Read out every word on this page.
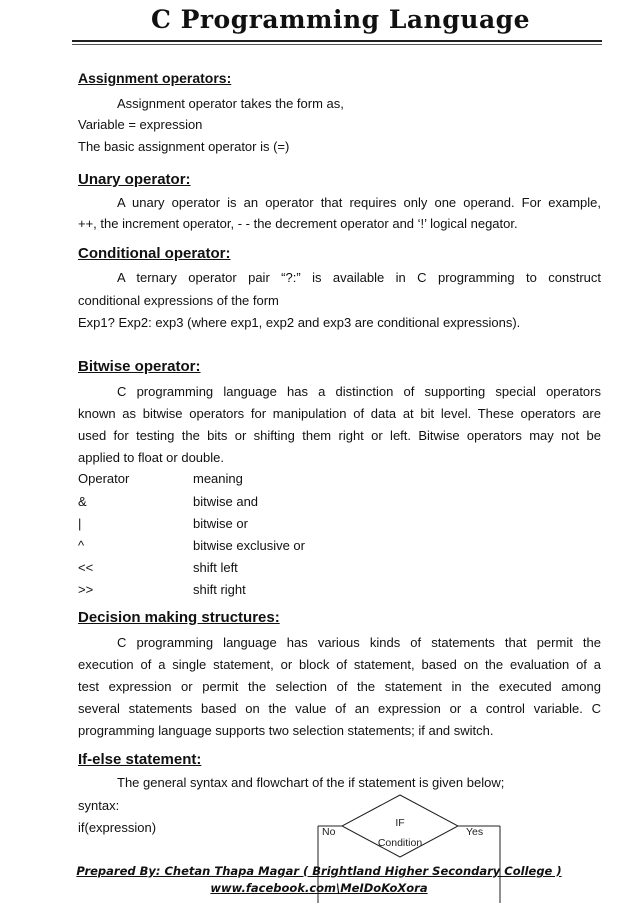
C Programming Language
Assignment operators:
Assignment operator takes the form as,
Variable = expression
The basic assignment operator is (=)
Unary operator:
A unary operator is an operator that requires only one operand. For example,
++, the increment operator, - - the decrement operator and ‘!’ logical negator.
Conditional operator:
A ternary operator pair “?:” is available in C programming to construct
conditional expressions of the form
Exp1? Exp2: exp3 (where exp1, exp2 and exp3 are conditional expressions).
Bitwise operator:
C programming language has a distinction of supporting special operators
known as bitwise operators for manipulation of data at bit level. These operators are
used for testing the bits or shifting them right or left. Bitwise operators may not be
applied to float or double.
Operator	meaning
&	bitwise and
|	bitwise or
^	bitwise exclusive or
<<	shift left
>>	shift right
Decision making structures:
C programming language has various kinds of statements that permit the
execution of a single statement, or block of statement, based on the evaluation of a
test expression or permit the selection of the statement in the executed among
several statements based on the value of an expression or a control variable. C
programming language supports two selection statements; if and switch.
If-else statement:
The general syntax and flowchart of the if statement is given below;
syntax:
if(expression)	IF
Condition
No	Yes
Prepared By: Chetan Thapa Magar ( Brightland Higher Secondary College )
www.facebook.com\MeIDoKoXora
